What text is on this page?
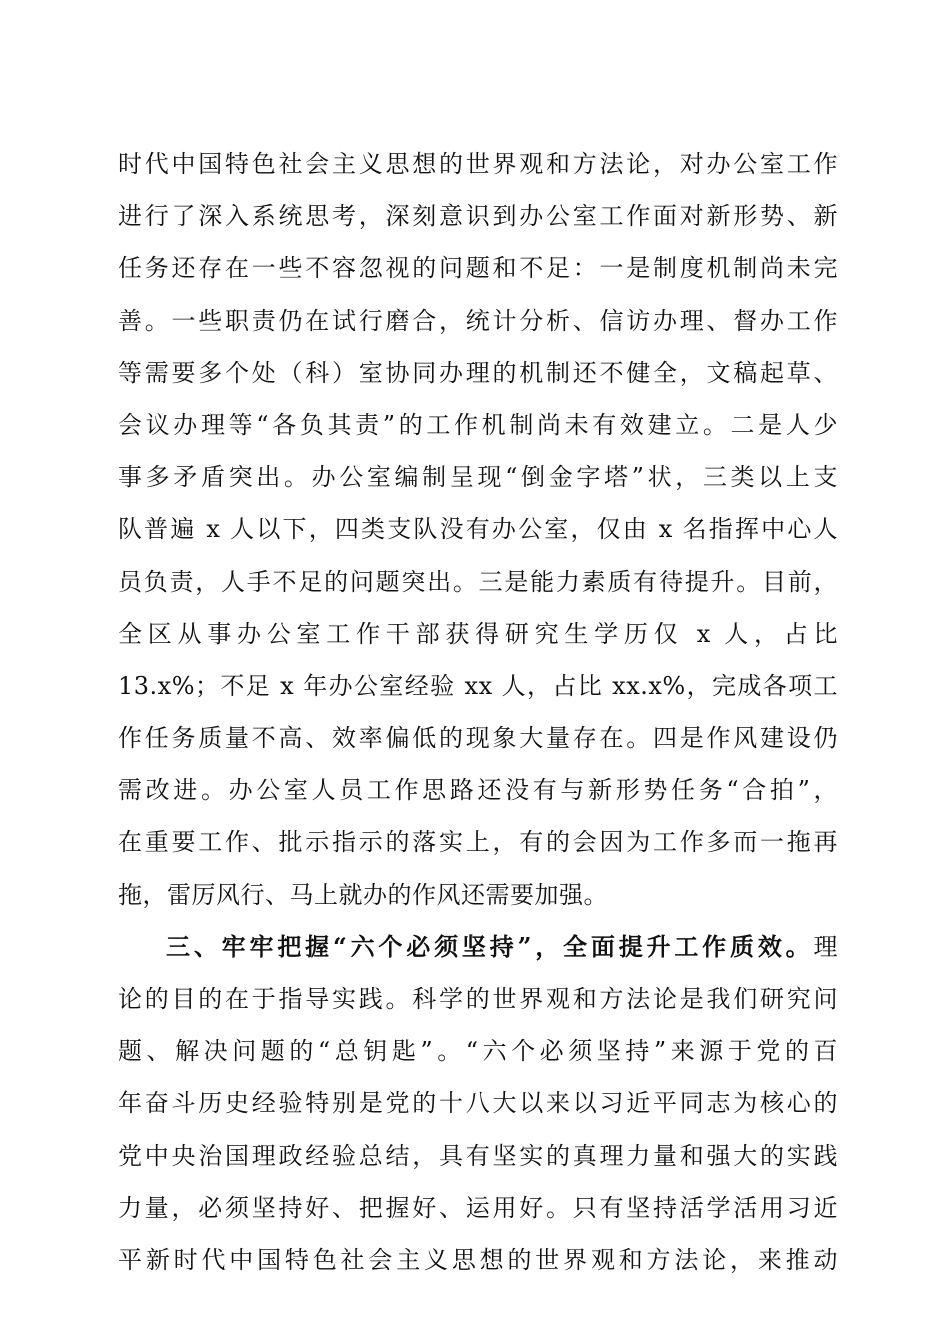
时代中国特色社会主义思想的世界观和方法论，对办公室工作
进行了深入系统思考，深刻意识到办公室工作面对新形势、新
任务还存在一些不容忽视的问题和不足：一是制度机制尚未完
善。一些职责仍在试行磨合，统计分析、信访办理、督办工作
等需要多个处（科）室协同办理的机制还不健全，文稿起草、
会议办理等“各负其责”的工作机制尚未有效建立。二是人少
事多矛盾突出。办公室编制呈现“倒金字塔”状，三类以上支
队普遍 x 人以下，四类支队没有办公室，仅由 x 名指挥中心人
员负责，人手不足的问题突出。三是能力素质有待提升。目前，
全区从事办公室工作干部获得研究生学历仅 x 人，占比
13.x%；不足 x 年办公室经验 xx 人，占比 xx.x%，完成各项工
作任务质量不高、效率偏低的现象大量存在。四是作风建设仍
需改进。办公室人员工作思路还没有与新形势任务“合拍”，
在重要工作、批示指示的落实上，有的会因为工作多而一拖再
拖，雷厉风行、马上就办的作风还需要加强。
三、牢牢把握“六个必须坚持”，全面提升工作质效。理
论的目的在于指导实践。科学的世界观和方法论是我们研究问
题、解决问题的“总钥匙”。“六个必须坚持”来源于党的百
年奋斗历史经验特别是党的十八大以来以习近平同志为核心的
党中央治国理政经验总结，具有坚实的真理力量和强大的实践
力量，必须坚持好、把握好、运用好。只有坚持活学活用习近
平新时代中国特色社会主义思想的世界观和方法论，来推动
